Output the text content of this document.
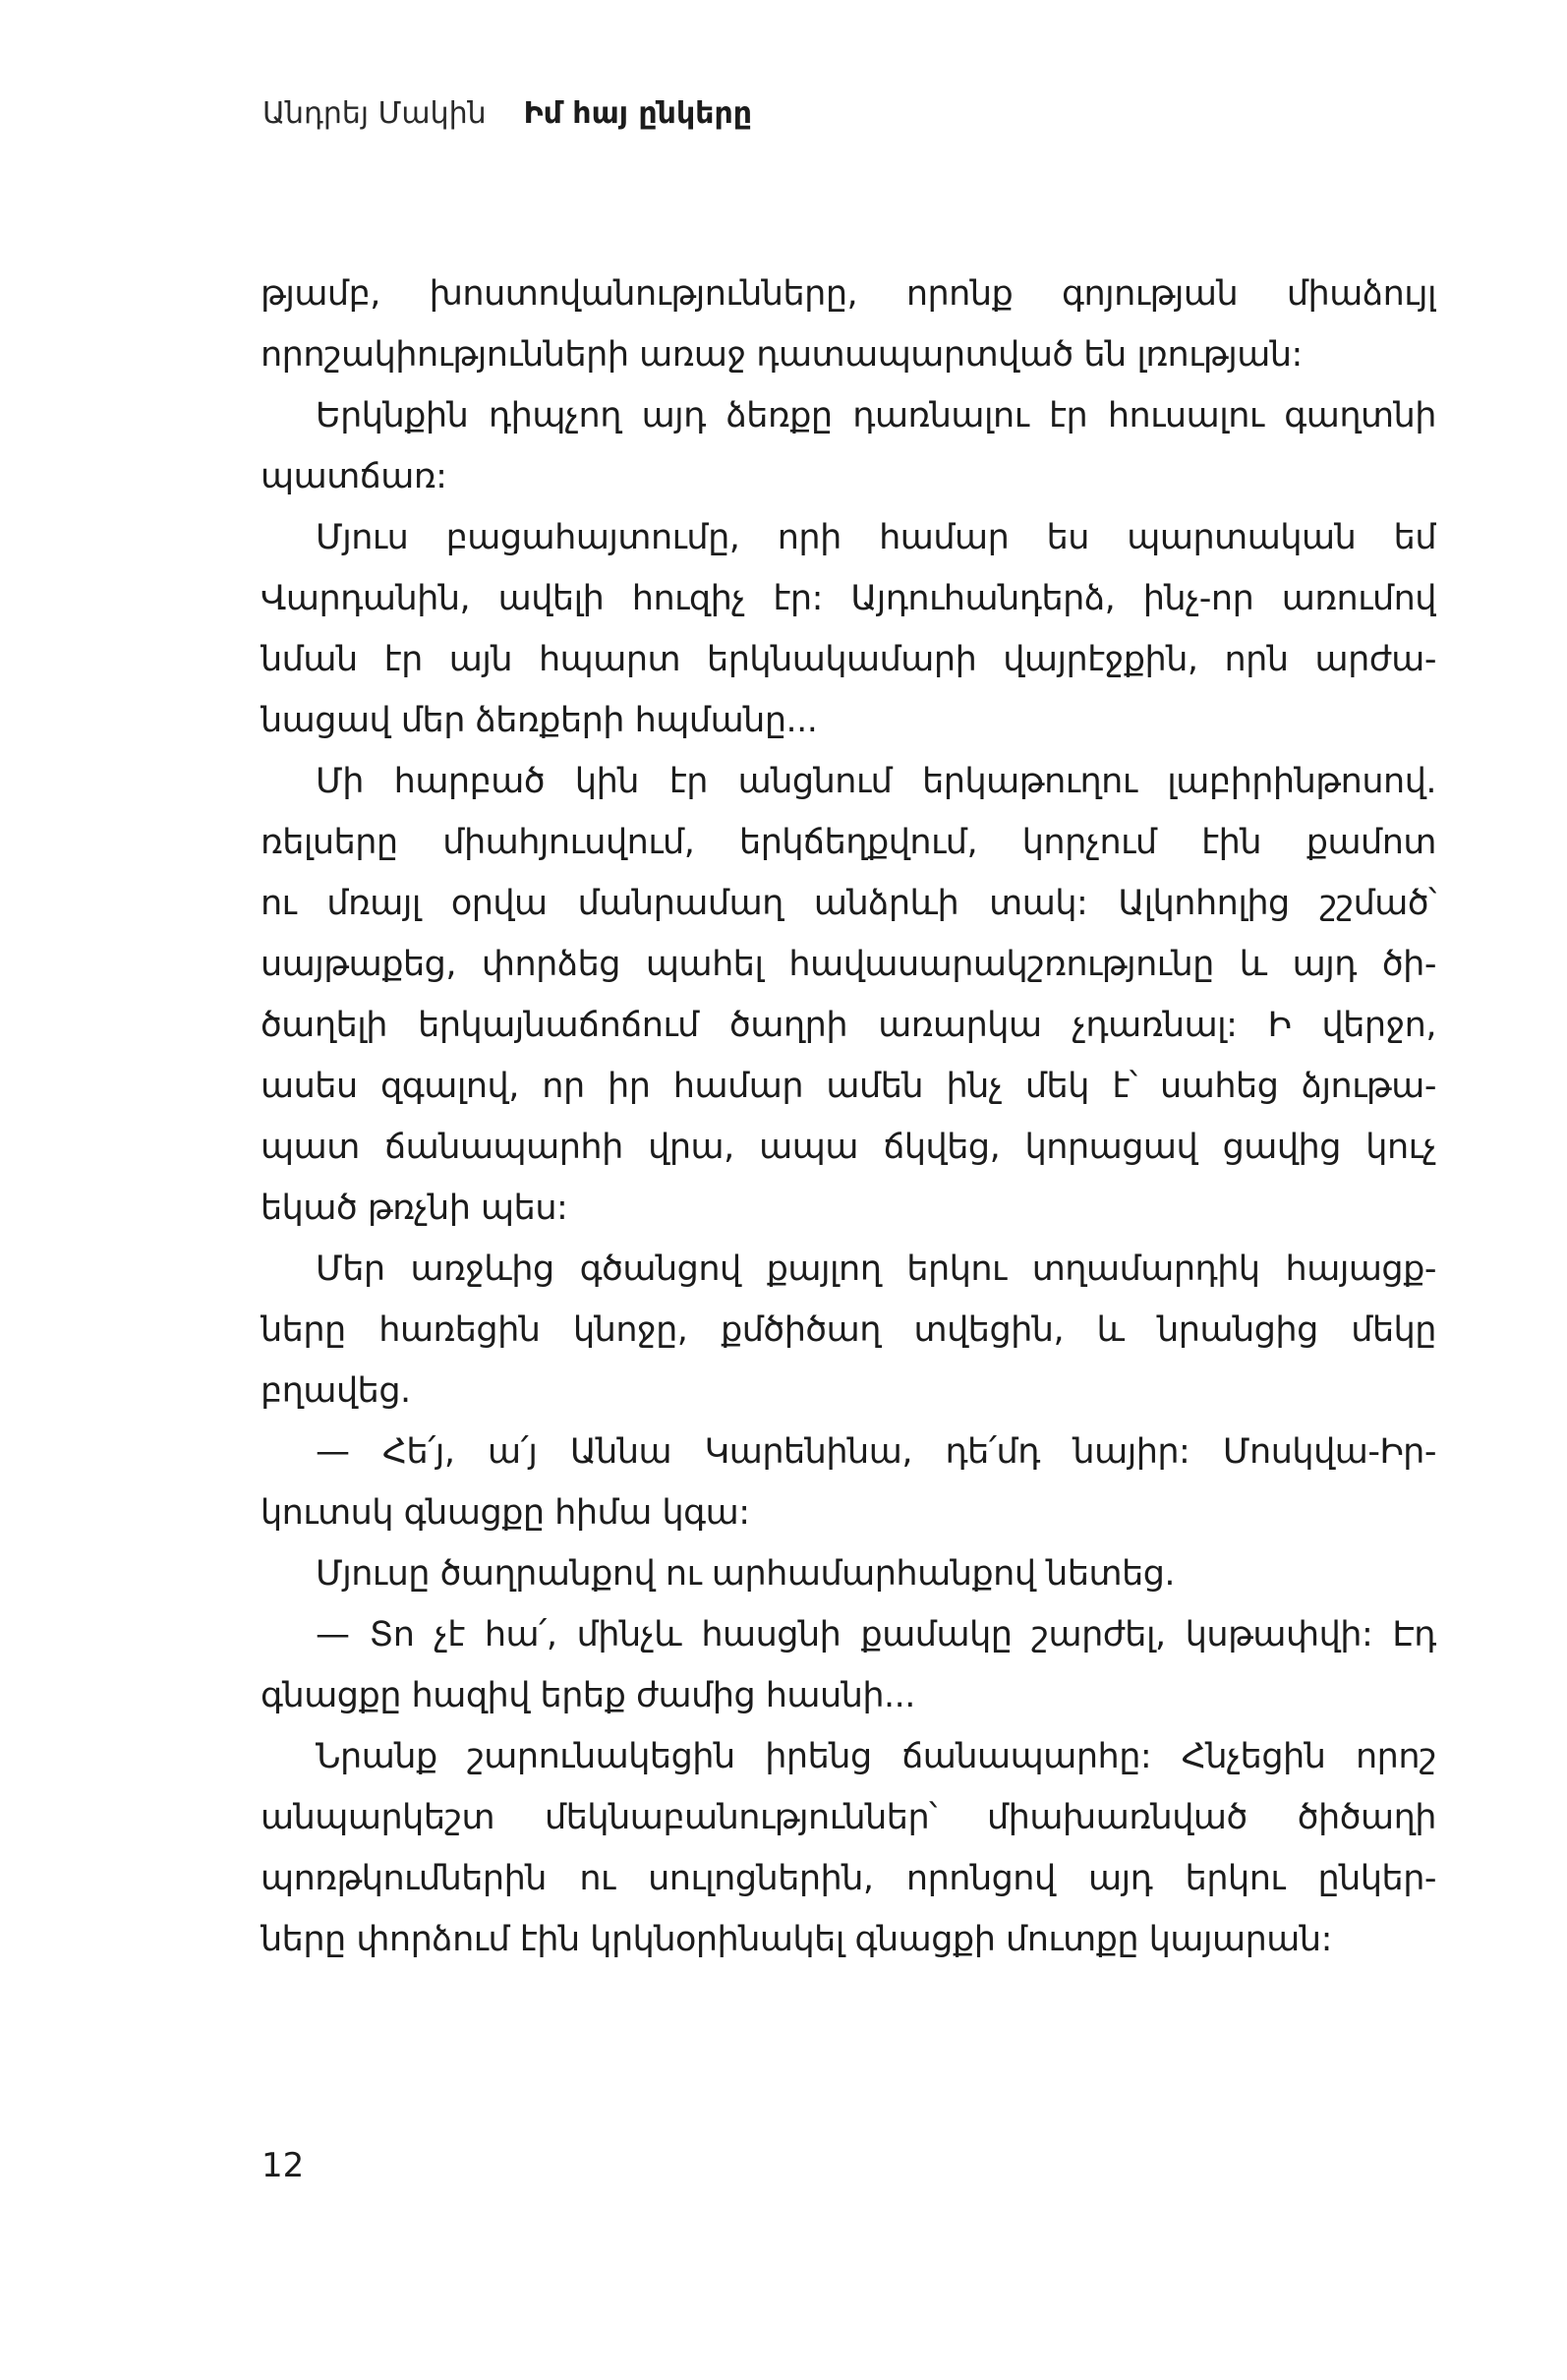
Անդրեյ Մակին Իմ հայ ընկերը
թյամբ, խոստովանությունները, որոնք գոյության միաձույլ
որոշակիությունների առաջ դատապարտված են լռության:
Երկնքին դիպչող այդ ձեռքը դառնալու էր հուսալու գաղտնի
պատճառ:
Մյուս բացահայտումը, որի համար ես պարտական եմ
Վարդանին, ավելի հուզիչ էր: Այդուհանդերձ, ինչ-որ առումով
նման էր այն հպարտ երկնակամարի վայրէջքին, որն արժա-
նացավ մեր ձեռքերի հպմանը...
Մի հարբած կին էր անցնում երկաթուղու լաբիրինթոսով.
ռելսերը միահյուսվում, երկճեղքվում, կորչում էին քամոտ
ու մռայլ օրվա մանրամաղ անձրևի տակ: Ալկոհոլից շշմած՝
սայթաքեց, փորձեց պահել հավասարակշռությունը և այդ ծի-
ծաղելի երկայնաճոճում ծաղրի առարկա չդառնալ: Ի վերջո,
ասես զգալով, որ իր համար ամեն ինչ մեկ է՝ սահեց ձյութա-
պատ ճանապարհի վրա, ապա ճկվեց, կորացավ ցավից կուչ
եկած թռչնի պես:
Մեր առջևից գծանցով քայլող երկու տղամարդիկ հայացք-
ները հառեցին կնոջը, քմծիծաղ տվեցին, և նրանցից մեկը
բղավեց.
— Հե՛յ, ա՛յ Աննա Կարենինա, դե՛մդ նայիր: Մոսկվա-Իր-
կուտսկ գնացքը հիմա կգա:
Մյուսը ծաղրանքով ու արհամարհանքով նետեց.
— Տո չէ հա՛, մինչև հասցնի քամակը շարժել, կսթափվի: Էդ
գնացքը հազիվ երեք ժամից հասնի...
Նրանք շարունակեցին իրենց ճանապարհը: Հնչեցին որոշ
անպարկեշտ մեկնաբանություններ՝ միախառնված ծիծաղի
պոռթկումներին ու սուլոցներին, որոնցով այդ երկու ընկեր-
ները փորձում էին կրկնօրինակել գնացքի մուտքը կայարան:
12
